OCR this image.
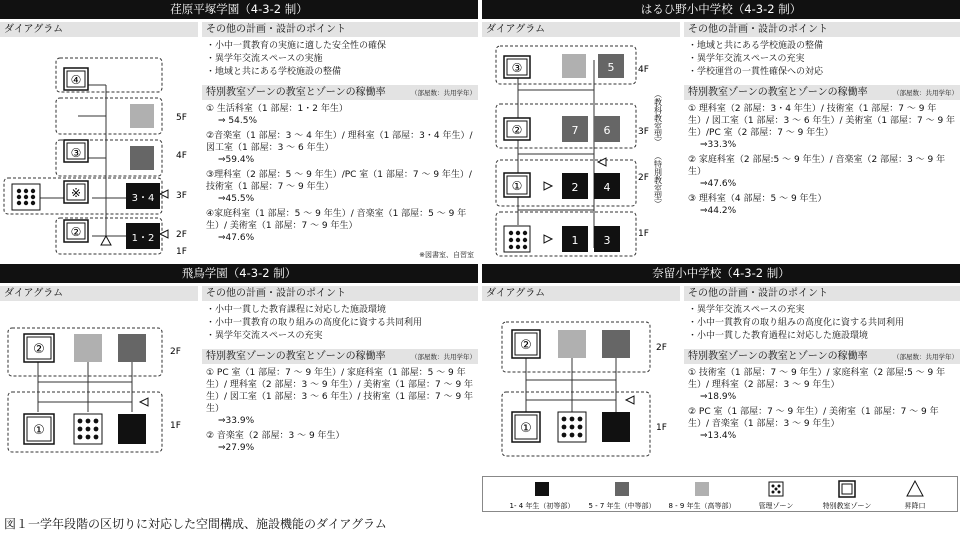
荏原平塚学園（4-3-2 制）
ダイアグラム	その他の計画・設計のポイント
④
③
※
②
3・4
1・2
5F
4F
3F
2F
1F
・小中一貫教育の実施に適した安全性の確保
・異学年交流スペースの実施
・地域と共にある学校施設の整備
特別教室ゾーンの教室とゾーンの稼働率	（部屋数：共用学年）
① 生活科室（1 部屋：1・2 年生）
⇒ 54.5%
②音楽室（1 部屋：3 ～ 4 年生）/ 理科室（1 部屋：3・4 年生）/ 図工室（1 部屋：3 ～ 6 年生）
⇒59.4%
③理科室（2 部屋：5 ～ 9 年生）/PC 室（1 部屋：7 ～ 9 年生）/ 技術室（1 部屋：7 ～ 9 年生）
⇒45.5%
④家庭科室（1 部屋：5 ～ 9 年生）/ 音楽室（1 部屋：5 ～ 9 年生）/ 美術室（1 部屋：7 ～ 9 年生）
⇒47.6%
はるひ野小中学校（4-3-2 制）
ダイアグラム	その他の計画・設計のポイント
③
②
①
5
7 6
2 4
1 3
4F
3F
2F
1F
（教科教室型）
（特別教室型）
・地域と共にある学校施設の整備
・異学年交流スペースの充実
・学校運営の一貫性確保への対応
特別教室ゾーンの教室とゾーンの稼働率	（部屋数：共用学年）
① 理科室（2 部屋：3・4 年生）/ 技術室（1 部屋：7 ～ 9 年生）/ 図工室（1 部屋：3 ～ 6 年生）/ 美術室（1 部屋：7 ～ 9 年生）/PC 室（2 部屋：7 ～ 9 年生）
⇒33.3%
② 家庭科室（2 部屋:5 ～ 9 年生）/ 音楽室（2 部屋：3 ～ 9 年生）
⇒47.6%
③ 理科室（4 部屋：5 ～ 9 年生）
⇒44.2%
飛鳥学園（4-3-2 制）
ダイアグラム	その他の計画・設計のポイント
②
①
2F
1F
・小中一貫した教育課程に対応した施設環境
・小中一貫教育の取り組みの高度化に資する共同利用
・異学年交流スペースの充実
特別教室ゾーンの教室とゾーンの稼働率	（部屋数：共用学年）
① PC 室（1 部屋：7 ～ 9 年生）/ 家庭科室（1 部屋：5 ～ 9 年生）/ 理科室（2 部屋：3 ～ 9 年生）/ 美術室（1 部屋：7 ～ 9 年生）/ 図工室（1 部屋：3 ～ 6 年生）/ 技術室（1 部屋：7 ～ 9 年生）
⇒33.9%
② 音楽室（2 部屋：3 ～ 9 年生）
⇒27.9%
奈留小中学校（4-3-2 制）
ダイアグラム	その他の計画・設計のポイント
②
①
2F
1F
・異学年交流スペースの充実
・小中一貫教育の取り組みの高度化に資する共同利用
・小中一貫した教育過程に対応した施設環境
特別教室ゾーンの教室とゾーンの稼働率	（部屋数：共用学年）
① 技術室（1 部屋：7 ～ 9 年生）/ 家庭科室（2 部屋:5 ～ 9 年生）/ 理科室（2 部屋：3 ～ 9 年生）
⇒18.9%
② PC 室（1 部屋：7 ～ 9 年生）/ 美術室（1 部屋：7 ～ 9 年生）/ 音楽室（1 部屋：3 ～ 9 年生）
⇒13.4%
※図書室、自習室
1- 4 年生（初等部） 5 - 7 年生（中等部） 8 - 9 年生（高等部）	管理ゾーン	特別教室ゾーン	昇降口
図１一学年段階の区切りに対応した空間構成、施設機能のダイアグラム
